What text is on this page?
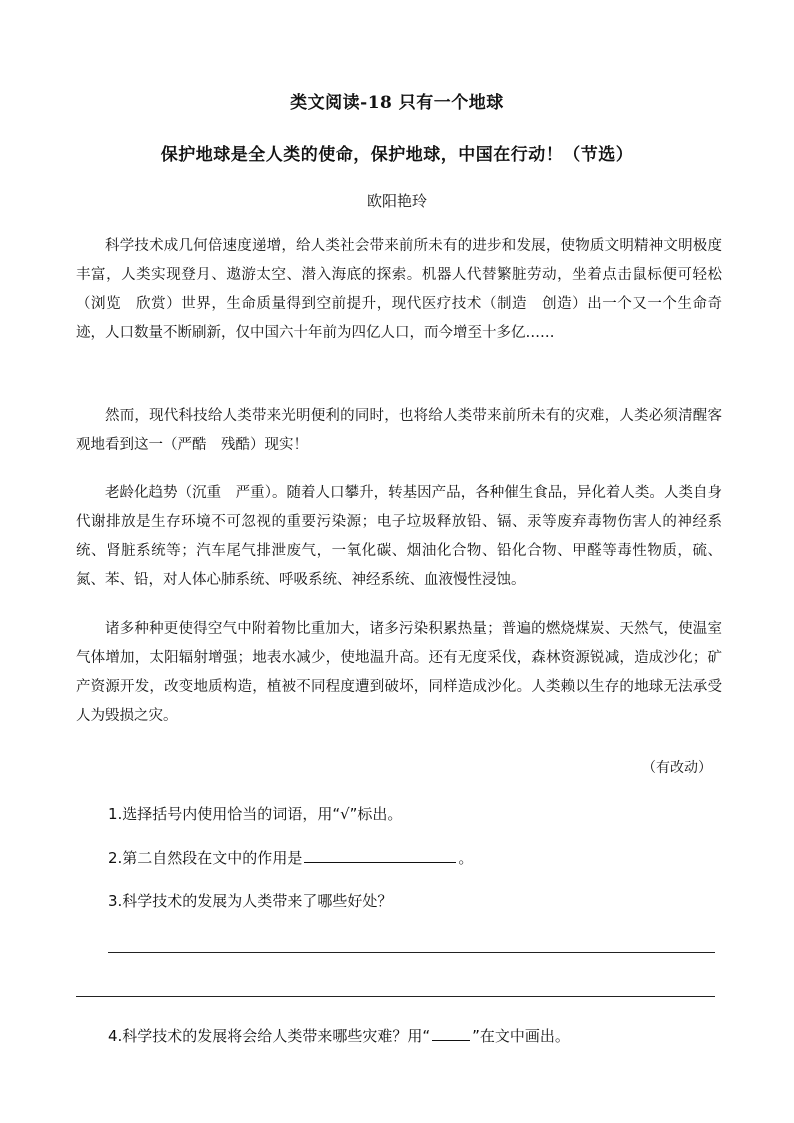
类文阅读-18 只有一个地球
保护地球是全人类的使命，保护地球，中国在行动！（节选）
欧阳艳玲

科学技术成几何倍速度递增，给人类社会带来前所未有的进步和发展，使物质文明精神文明极度丰富，人类实现登月、遨游太空、潜入海底的探索。机器人代替繁脏劳动，坐着点击鼠标便可轻松（浏览　欣赏）世界，生命质量得到空前提升，现代医疗技术（制造　创造）出一个又一个生命奇迹，人口数量不断刷新，仅中国六十年前为四亿人口，而今增至十多亿……

然而，现代科技给人类带来光明便利的同时，也将给人类带来前所未有的灾难，人类必须清醒客观地看到这一（严酷　残酷）现实！

老龄化趋势（沉重　严重）。随着人口攀升，转基因产品，各种催生食品，异化着人类。人类自身代谢排放是生存环境不可忽视的重要污染源；电子垃圾释放铅、镉、汞等废弃毒物伤害人的神经系统、肾脏系统等；汽车尾气排泄废气，一氧化碳、烟油化合物、铅化合物、甲醛等毒性物质，硫、氮、苯、铅，对人体心肺系统、呼吸系统、神经系统、血液慢性浸蚀。

诸多种种更使得空气中附着物比重加大，诸多污染积累热量；普遍的燃烧煤炭、天然气，使温室气体增加，太阳辐射增强；地表水减少，使地温升高。还有无度采伐，森林资源锐减，造成沙化；矿产资源开发，改变地质构造，植被不同程度遭到破坏，同样造成沙化。人类赖以生存的地球无法承受人为毁损之灾。

（有改动）
1.选择括号内使用恰当的词语，用“√”标出。
2.第二自然段在文中的作用是	。
3.科学技术的发展为人类带来了哪些好处？
4.科学技术的发展将会给人类带来哪些灾难？用“	”在文中画出。
